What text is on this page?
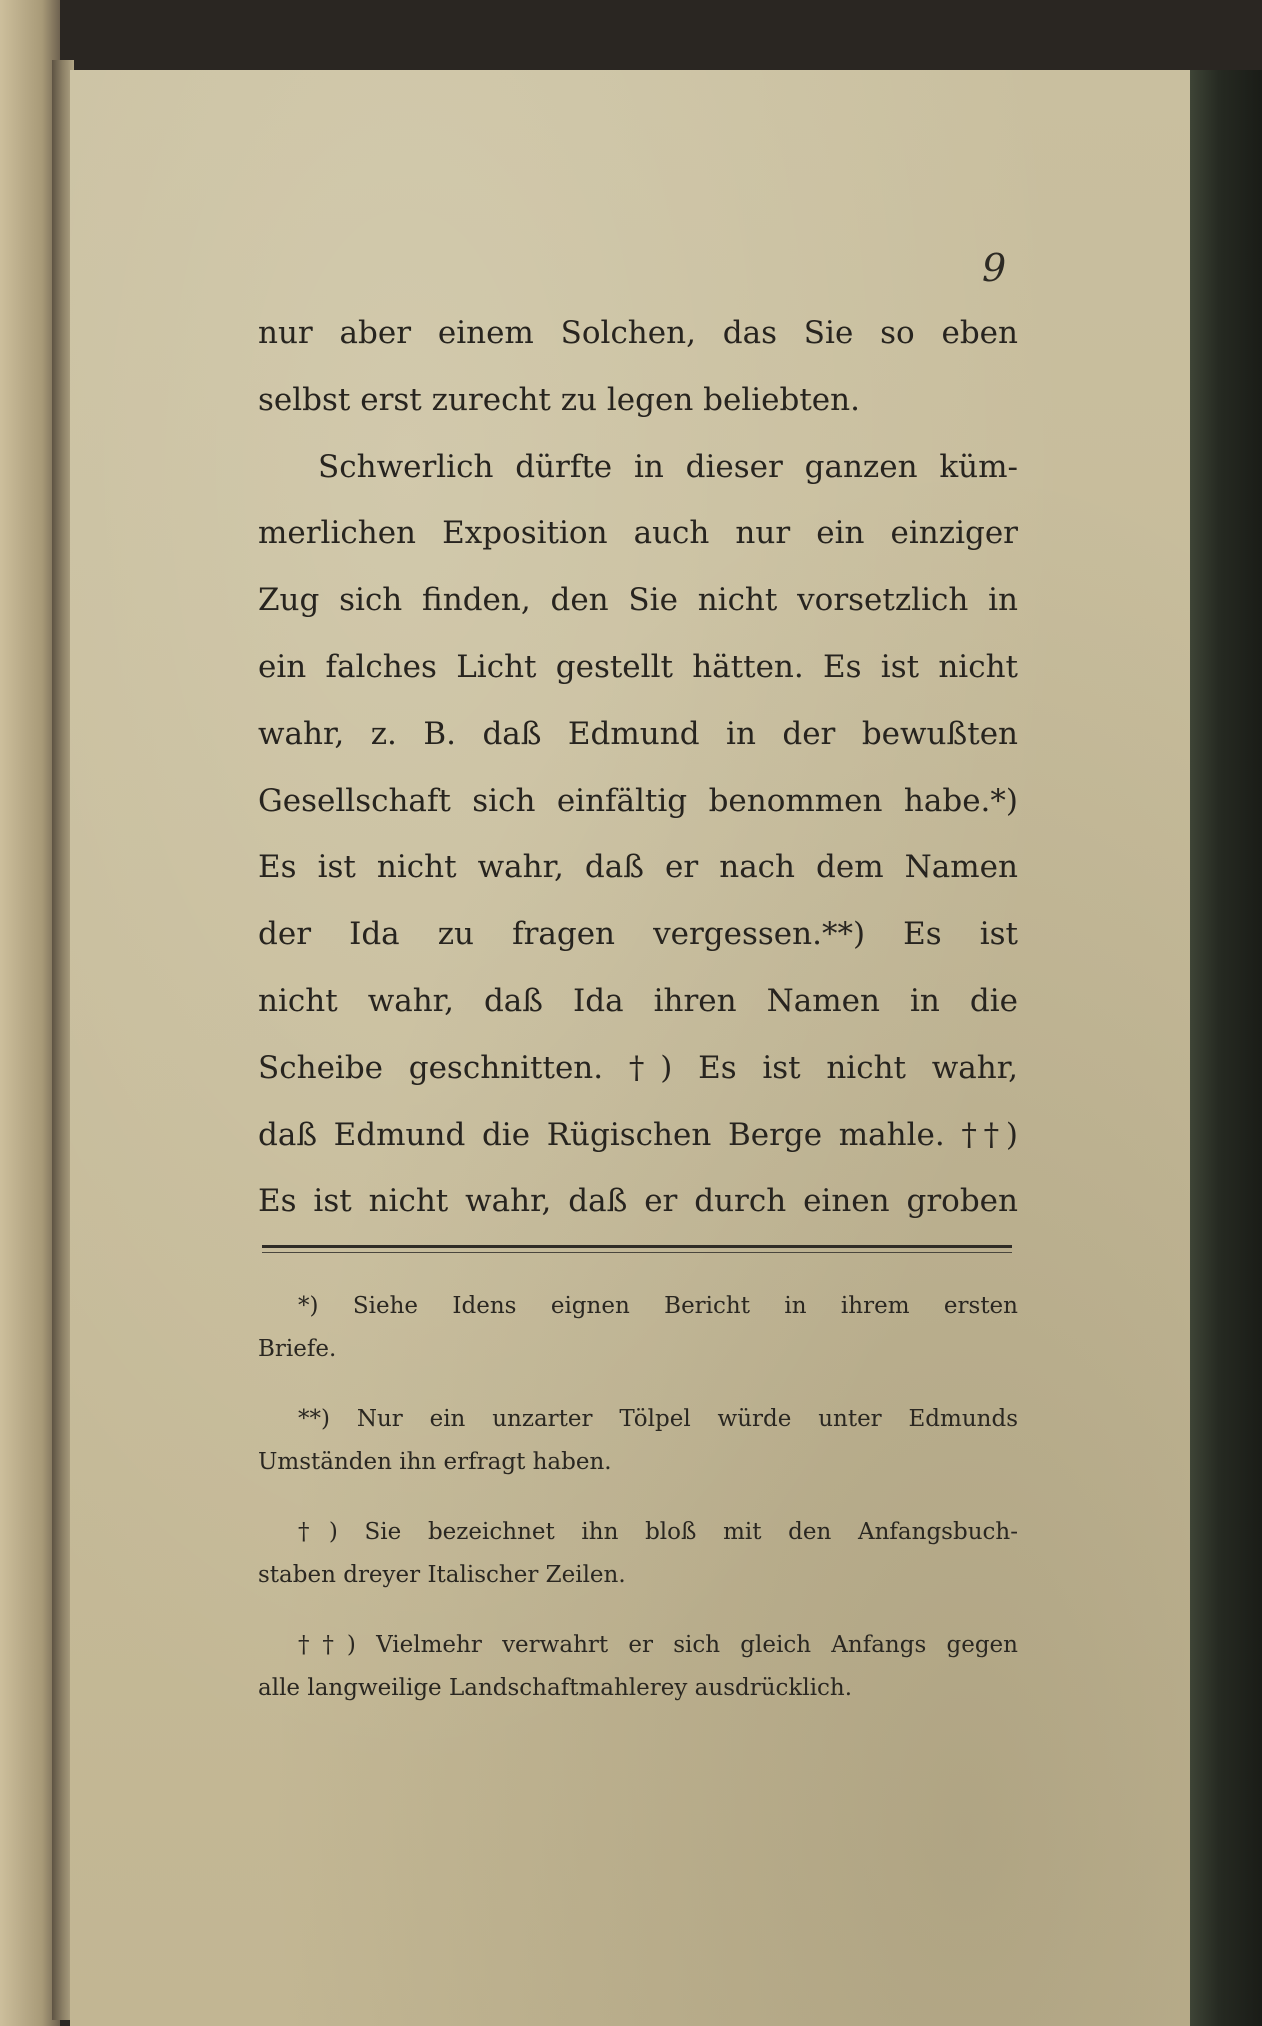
9
nur aber einem Solchen, das Sie so eben
selbst erst zurecht zu legen beliebten.
Schwerlich dürfte in dieser ganzen küm-
merlichen Exposition auch nur ein einziger
Zug sich finden, den Sie nicht vorsetzlich in
ein falches Licht gestellt hätten. Es ist nicht
wahr, z. B. daß Edmund in der bewußten
Gesellschaft sich einfältig benommen habe.*)
Es ist nicht wahr, daß er nach dem Namen
der Ida zu fragen vergessen.**) Es ist
nicht wahr, daß Ida ihren Namen in die
Scheibe geschnitten. †) Es ist nicht wahr,
daß Edmund die Rügischen Berge mahle. ††)
Es ist nicht wahr, daß er durch einen groben
*) Siehe Idens eignen Bericht in ihrem ersten
Briefe.
**) Nur ein unzarter Tölpel würde unter Edmunds
Umständen ihn erfragt haben.
†) Sie bezeichnet ihn bloß mit den Anfangsbuch-
staben dreyer Italischer Zeilen.
††) Vielmehr verwahrt er sich gleich Anfangs gegen
alle langweilige Landschaftmahlerey ausdrücklich.
